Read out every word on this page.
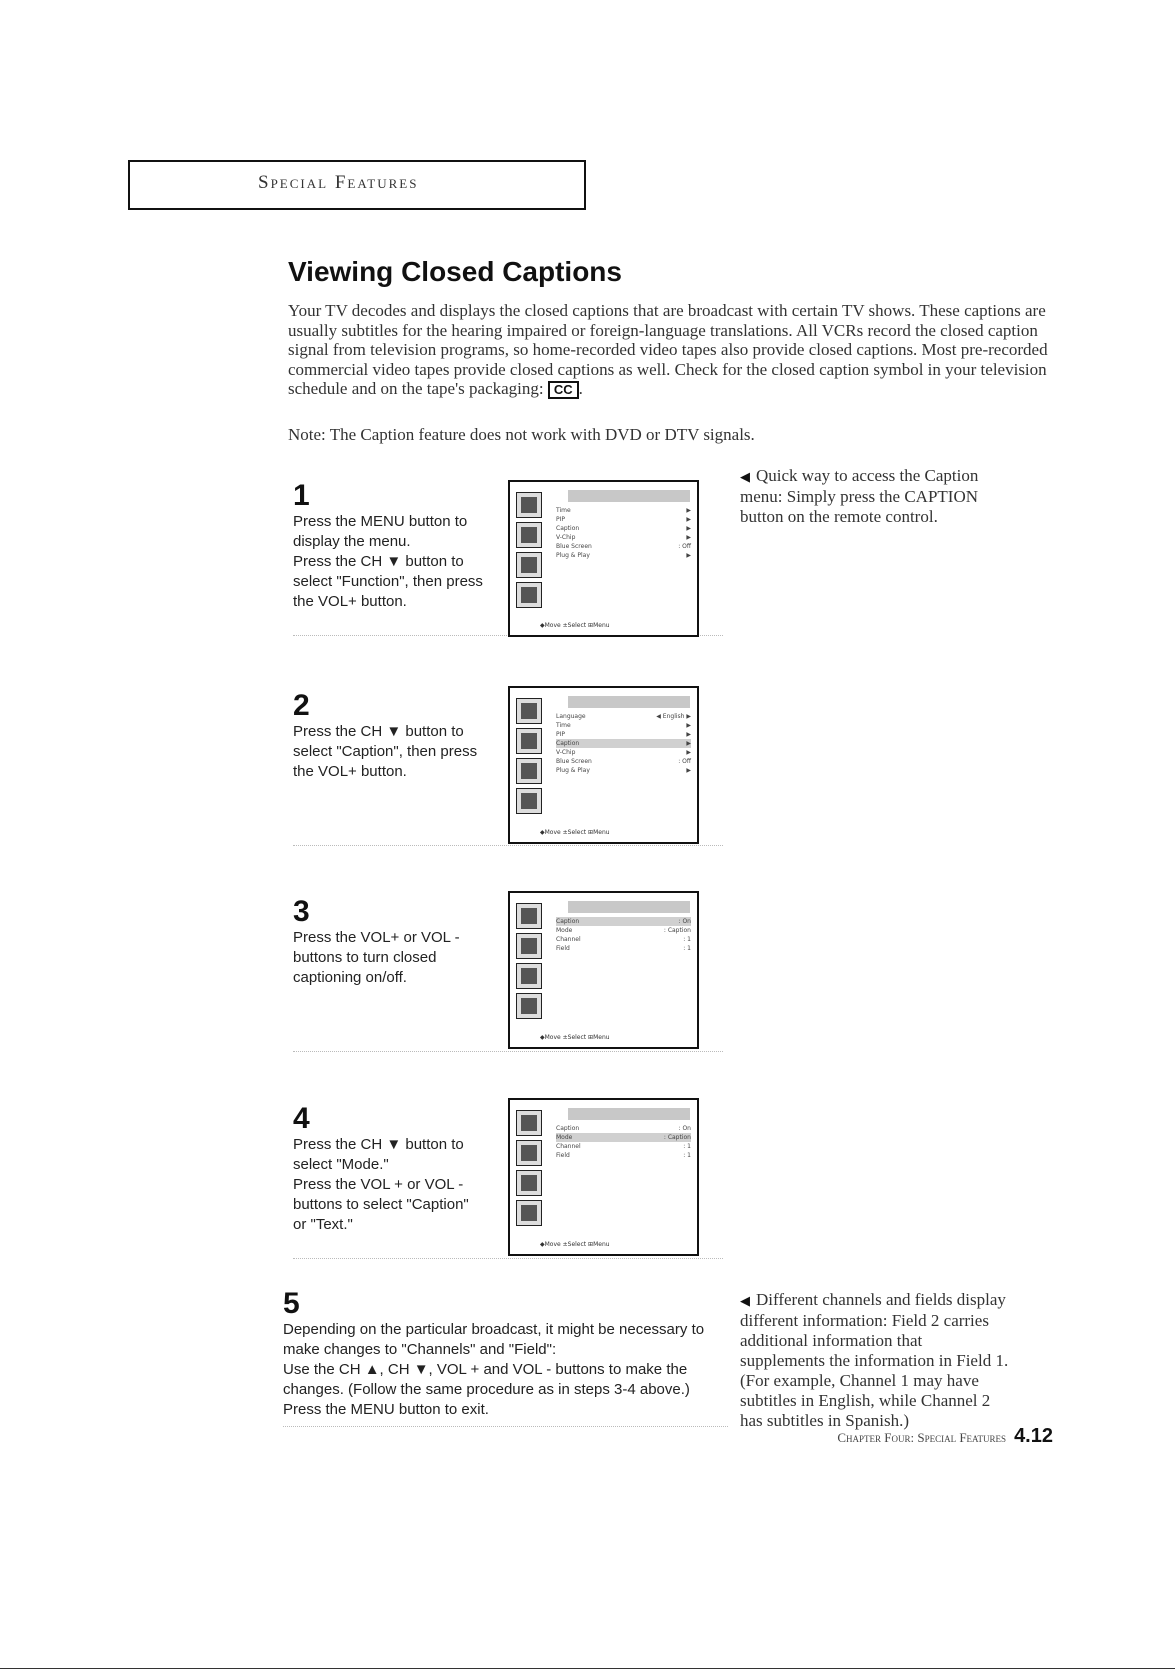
Special Features
Viewing Closed Captions

Your TV decodes and displays the closed captions that are broadcast with certain TV shows. These captions are usually subtitles for the hearing impaired or foreign-language translations. All VCRs record the closed caption signal from television programs, so home-recorded video tapes also provide closed captions. Most pre-recorded commercial video tapes provide closed captions as well. Check for the closed caption symbol in your television schedule and on the tape's packaging: CC .

Note: The Caption feature does not work with DVD or DTV signals.

1
Press the MENU button to display the menu.
Press the CH ▼ button to select "Function", then press the VOL+ button.
Time	▶
PIP	▶
Caption	▶
V-Chip	▶
Blue Screen	: Off
Plug & Play	▶
◆Move ±Select ⊞Menu
2
Press the CH ▼ button to select "Caption", then press the VOL+ button.
Language	◀ English ▶
Time	▶
PIP	▶
Caption	▶
V-Chip	▶
Blue Screen	: Off
Plug & Play	▶
◆Move ±Select ⊞Menu
3
Press the VOL+ or VOL - buttons to turn closed captioning on/off.
Caption	: On
Mode	: Caption
Channel	: 1
Field	: 1
◆Move ±Select ⊞Menu
4
Press the CH ▼ button to select "Mode."
Press the VOL + or VOL - buttons to select "Caption" or "Text."
Caption	: On
Mode	: Caption
Channel	: 1
Field	: 1
◆Move ±Select ⊞Menu
5
Depending on the particular broadcast, it might be necessary to make changes to "Channels" and "Field":
Use the CH ▲, CH ▼, VOL + and VOL - buttons to make the changes. (Follow the same procedure as in steps 3-4 above.)
Press the MENU button to exit.

◀ Quick way to access the Caption menu: Simply press the CAPTION button on the remote control.

◀ Different channels and fields display different information: Field 2 carries additional information that supplements the information in Field 1. (For example, Channel 1 may have subtitles in English, while Channel 2 has subtitles in Spanish.)

Chapter Four: Special Features 4.12
